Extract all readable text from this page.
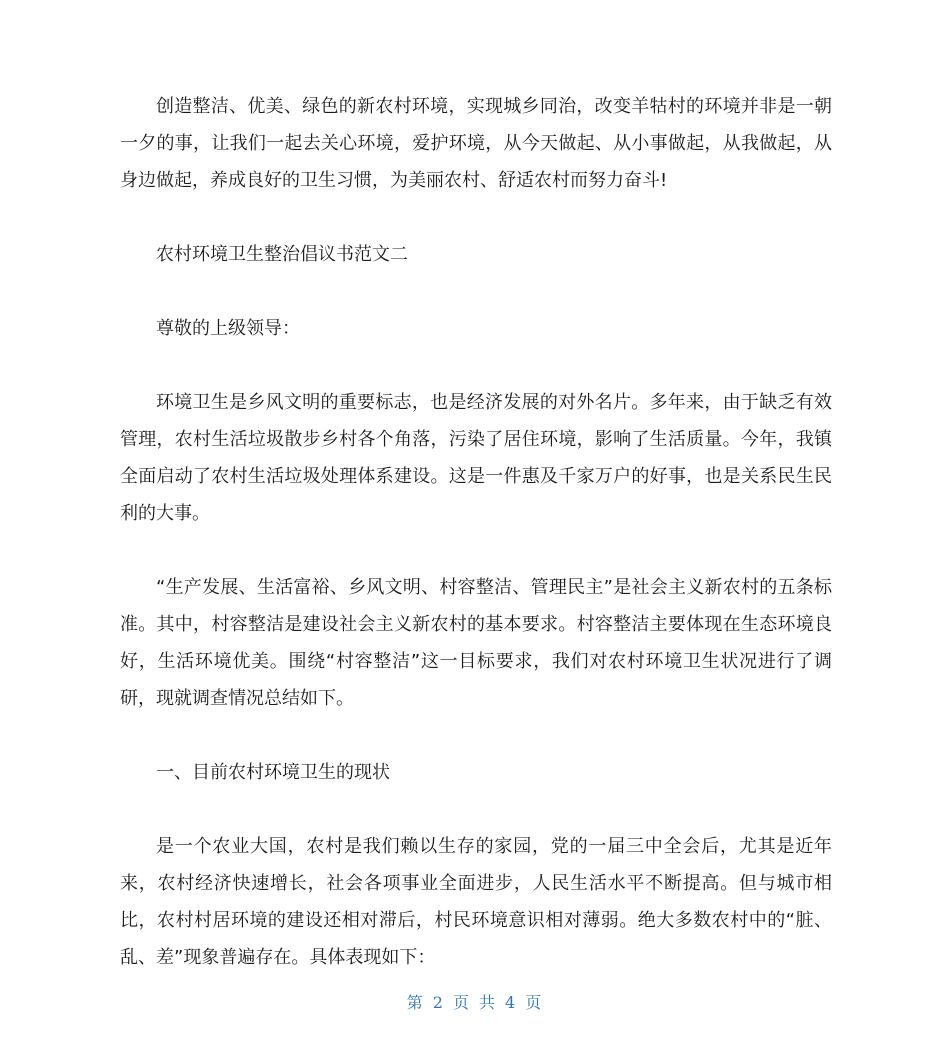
创造整洁、优美、绿色的新农村环境，实现城乡同治，改变羊牯村的环境并非是一朝一夕的事，让我们一起去关心环境，爱护环境，从今天做起、从小事做起，从我做起，从身边做起，养成良好的卫生习惯，为美丽农村、舒适农村而努力奋斗!

农村环境卫生整治倡议书范文二

尊敬的上级领导：

环境卫生是乡风文明的重要标志，也是经济发展的对外名片。多年来，由于缺乏有效管理，农村生活垃圾散步乡村各个角落，污染了居住环境，影响了生活质量。今年，我镇全面启动了农村生活垃圾处理体系建设。这是一件惠及千家万户的好事，也是关系民生民利的大事。

“生产发展、生活富裕、乡风文明、村容整洁、管理民主”是社会主义新农村的五条标准。其中，村容整洁是建设社会主义新农村的基本要求。村容整洁主要体现在生态环境良好，生活环境优美。围绕“村容整洁”这一目标要求，我们对农村环境卫生状况进行了调研，现就调查情况总结如下。

一、目前农村环境卫生的现状

是一个农业大国，农村是我们赖以生存的家园，党的一届三中全会后，尤其是近年来，农村经济快速增长，社会各项事业全面进步，人民生活水平不断提高。但与城市相比，农村村居环境的建设还相对滞后，村民环境意识相对薄弱。绝大多数农村中的“脏、乱、差”现象普遍存在。具体表现如下：

第 2 页 共 4 页
